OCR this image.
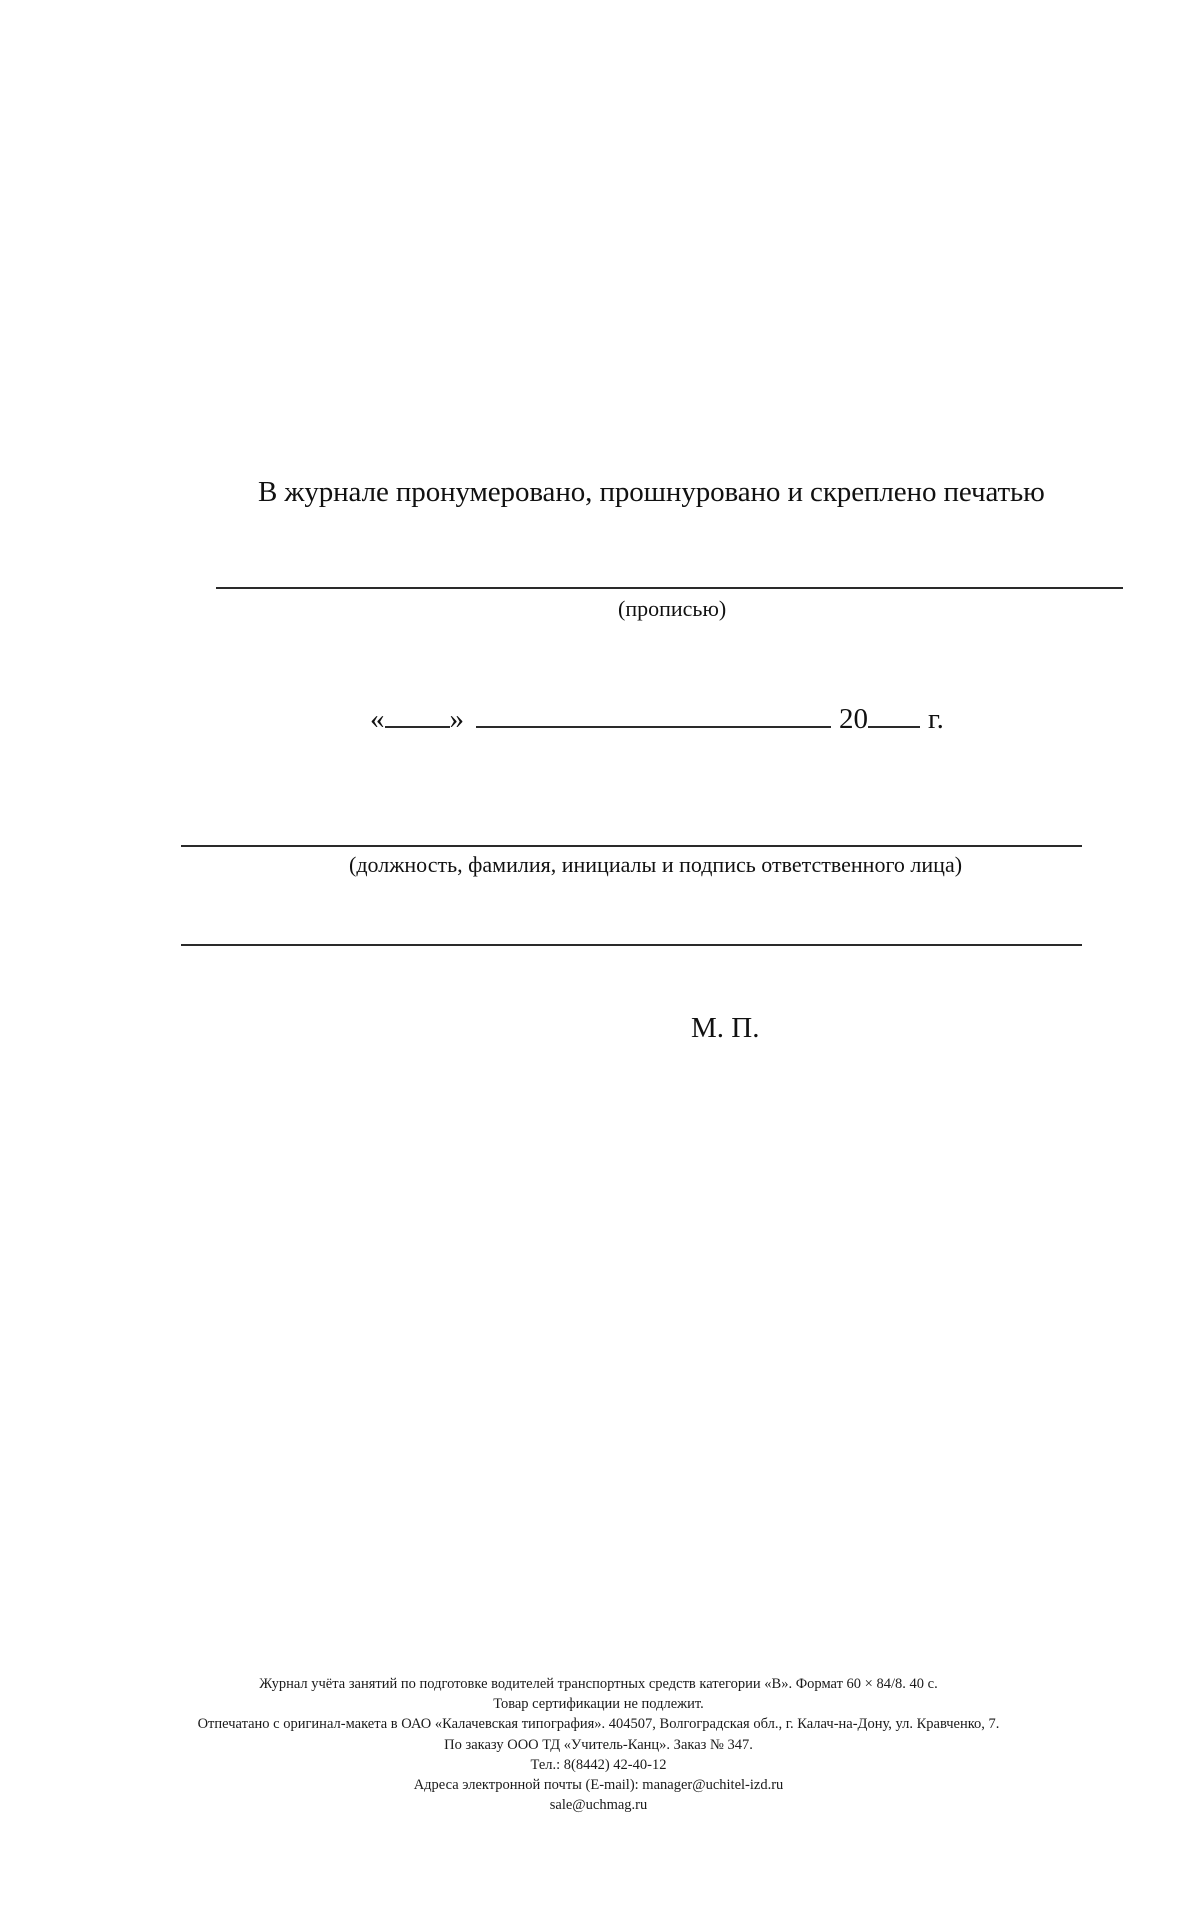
В журнале пронумеровано, прошнуровано и скреплено печатью
(прописью)
« »	20 г.
(должность, фамилия, инициалы и подпись ответственного лица)
М. П.
Журнал учёта занятий по подготовке водителей транспортных средств категории «В». Формат 60 × 84/8. 40 с.
Товар сертификации не подлежит.
Отпечатано с оригинал-макета в ОАО «Калачевская типография». 404507, Волгоградская обл., г. Калач-на-Дону, ул. Кравченко, 7.
По заказу ООО ТД «Учитель-Канц». Заказ № 347.
Тел.: 8(8442) 42-40-12
Адреса электронной почты (E-mail): manager@uchitel-izd.ru
sale@uchmag.ru
